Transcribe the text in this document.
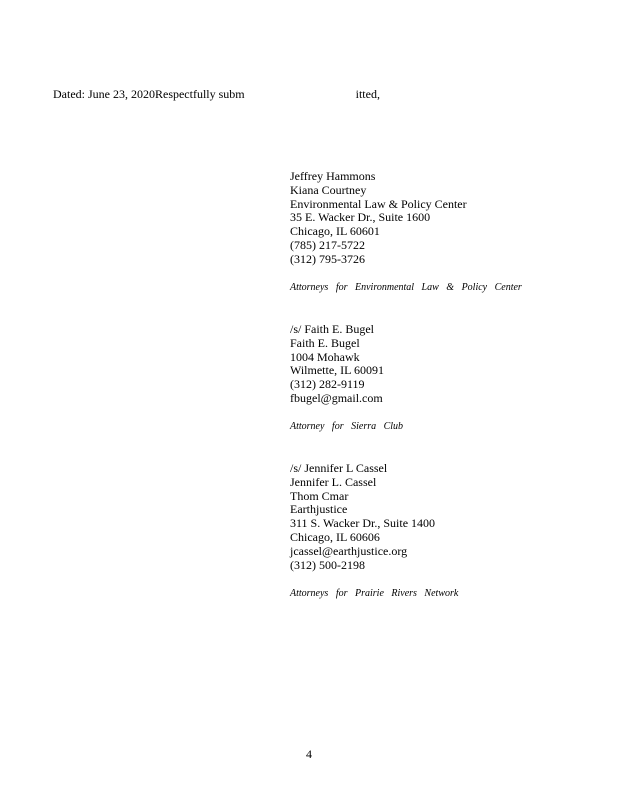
Dated: June 23, 2020Respectfully subm	itted,
Jeffrey Hammons
Kiana Courtney
Environmental Law & Policy Center
35 E. Wacker Dr., Suite 1600
Chicago, IL 60601
(785) 217-5722
(312) 795-3726
Attorneys for Environmental Law & Policy Center
/s/ Faith E. Bugel
Faith E. Bugel
1004 Mohawk
Wilmette, IL 60091
(312) 282-9119
fbugel@gmail.com
Attorney for Sierra Club
/s/ Jennifer L Cassel
Jennifer L. Cassel
Thom Cmar
Earthjustice
311 S. Wacker Dr., Suite 1400
Chicago, IL 60606
jcassel@earthjustice.org
(312) 500-2198
Attorneys for Prairie Rivers Network
4
